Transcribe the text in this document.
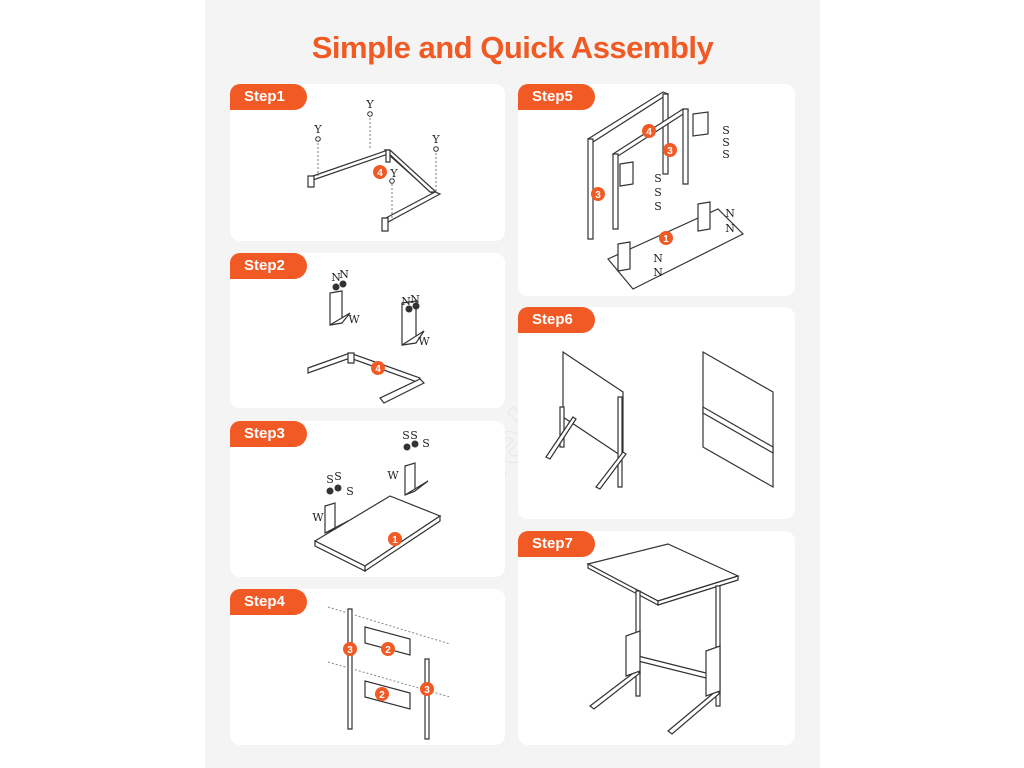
Simple and Quick Assembly
Y
Y
Y
Y
4
Step1
N
N
N N
W
W
4
Step2
S S
S
S S
S
W
W
1
Step3
3	2
3
2
Step4
S
S
S
S
S
S
N
N
N
N
4
3
3
1
Step5
Step6
Step7
